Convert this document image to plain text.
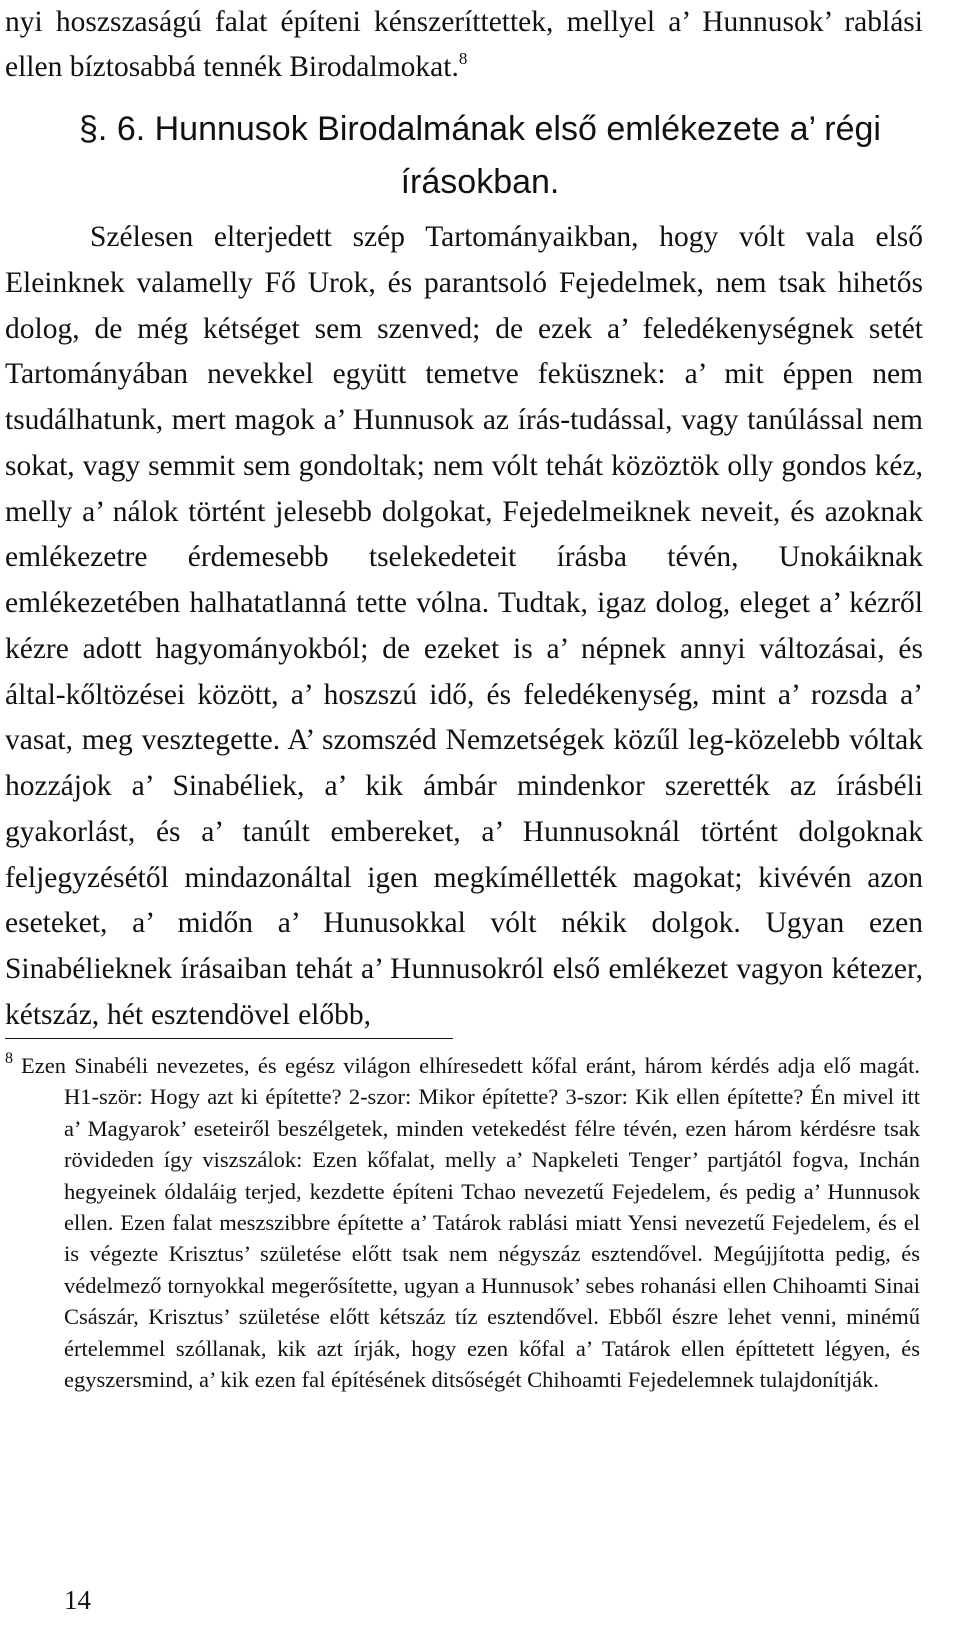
nyi hoszszaságú falat építeni kénszeríttettek, mellyel a’ Hunnusok’ rablási ellen bíztosabbá tennék Birodalmokat.$^8$
§. 6. Hunnusok Birodalmának első emlékezete a’ régi írásokban.
Szélesen elterjedett szép Tartományaikban, hogy vólt vala első Eleinknek valamelly Fő Urok, és parantsoló Fejedelmek, nem tsak hihetős dolog, de még kétséget sem szenved; de ezek a’ feledékenységnek setét Tartományában nevekkel együtt temetve feküsznek: a’ mit éppen nem tsudálhatunk, mert magok a’ Hunnusok az írás-tudással, vagy tanúlással nem sokat, vagy semmit sem gondoltak; nem vólt tehát közöztök olly gondos kéz, melly a’ nálok történt jelesebb dolgokat, Fejedelmeiknek neveit, és azoknak emlékezetre érdemesebb tselekedeteit írásba tévén, Unokáiknak emlékezetében halhatatlanná tette vólna. Tudtak, igaz dolog, eleget a’ kézről kézre adott hagyományokból; de ezeket is a’ népnek annyi változásai, és által-kőltözései között, a’ hoszszú idő, és feledékenység, mint a’ rozsda a’ vasat, meg vesztegette. A’ szomszéd Nemzetségek közűl leg-közelebb vóltak hozzájok a’ Sinabéliek, a’ kik ámbár mindenkor szerették az írásbéli gyakorlást, és a’ tanúlt embereket, a’ Hunnusoknál történt dolgoknak feljegyzésétől mindazonáltal igen megkíméllették magokat; kivévén azon eseteket, a’ midőn a’ Hunusokkal vólt nékik dolgok. Ugyan ezen Sinabélieknek írásaiban tehát a’ Hunnusokról első emlékezet vagyon kétezer, kétszáz, hét esztendövel előbb,
8 Ezen Sinabéli nevezetes, és egész világon elhíresedett kőfal eránt, három kérdés adja elő magát. H1-ször: Hogy azt ki építette? 2-szor: Mikor építette? 3-szor: Kik ellen építette? Én mivel itt a’ Magyarok’ eseteiről beszélgetek, minden vetekedést félre tévén, ezen három kérdésre tsak rövideden így viszszálok: Ezen kőfalat, melly a’ Napkeleti Tenger’ partjától fogva, Inchán hegyeinek óldaláig terjed, kezdette építeni Tchao nevezetű Fejedelem, és pedig a’ Hunnusok ellen. Ezen falat meszszibbre építette a’ Tatárok rablási miatt Yensi nevezetű Fejedelem, és el is végezte Krisztus’ születése előtt tsak nem négyszáz esztendővel. Megújjította pedig, és védelmező tornyokkal megerősítette, ugyan a Hunnusok’ sebes rohanási ellen Chihoamti Sinai Császár, Krisztus’ születése előtt kétszáz tíz esztendővel. Ebből észre lehet venni, minémű értelemmel szóllanak, kik azt írják, hogy ezen kőfal a’ Tatárok ellen építtetett légyen, és egyszersmind, a’ kik ezen fal építésének ditsőségét Chihoamti Fejedelemnek tulajdonítják.
14
